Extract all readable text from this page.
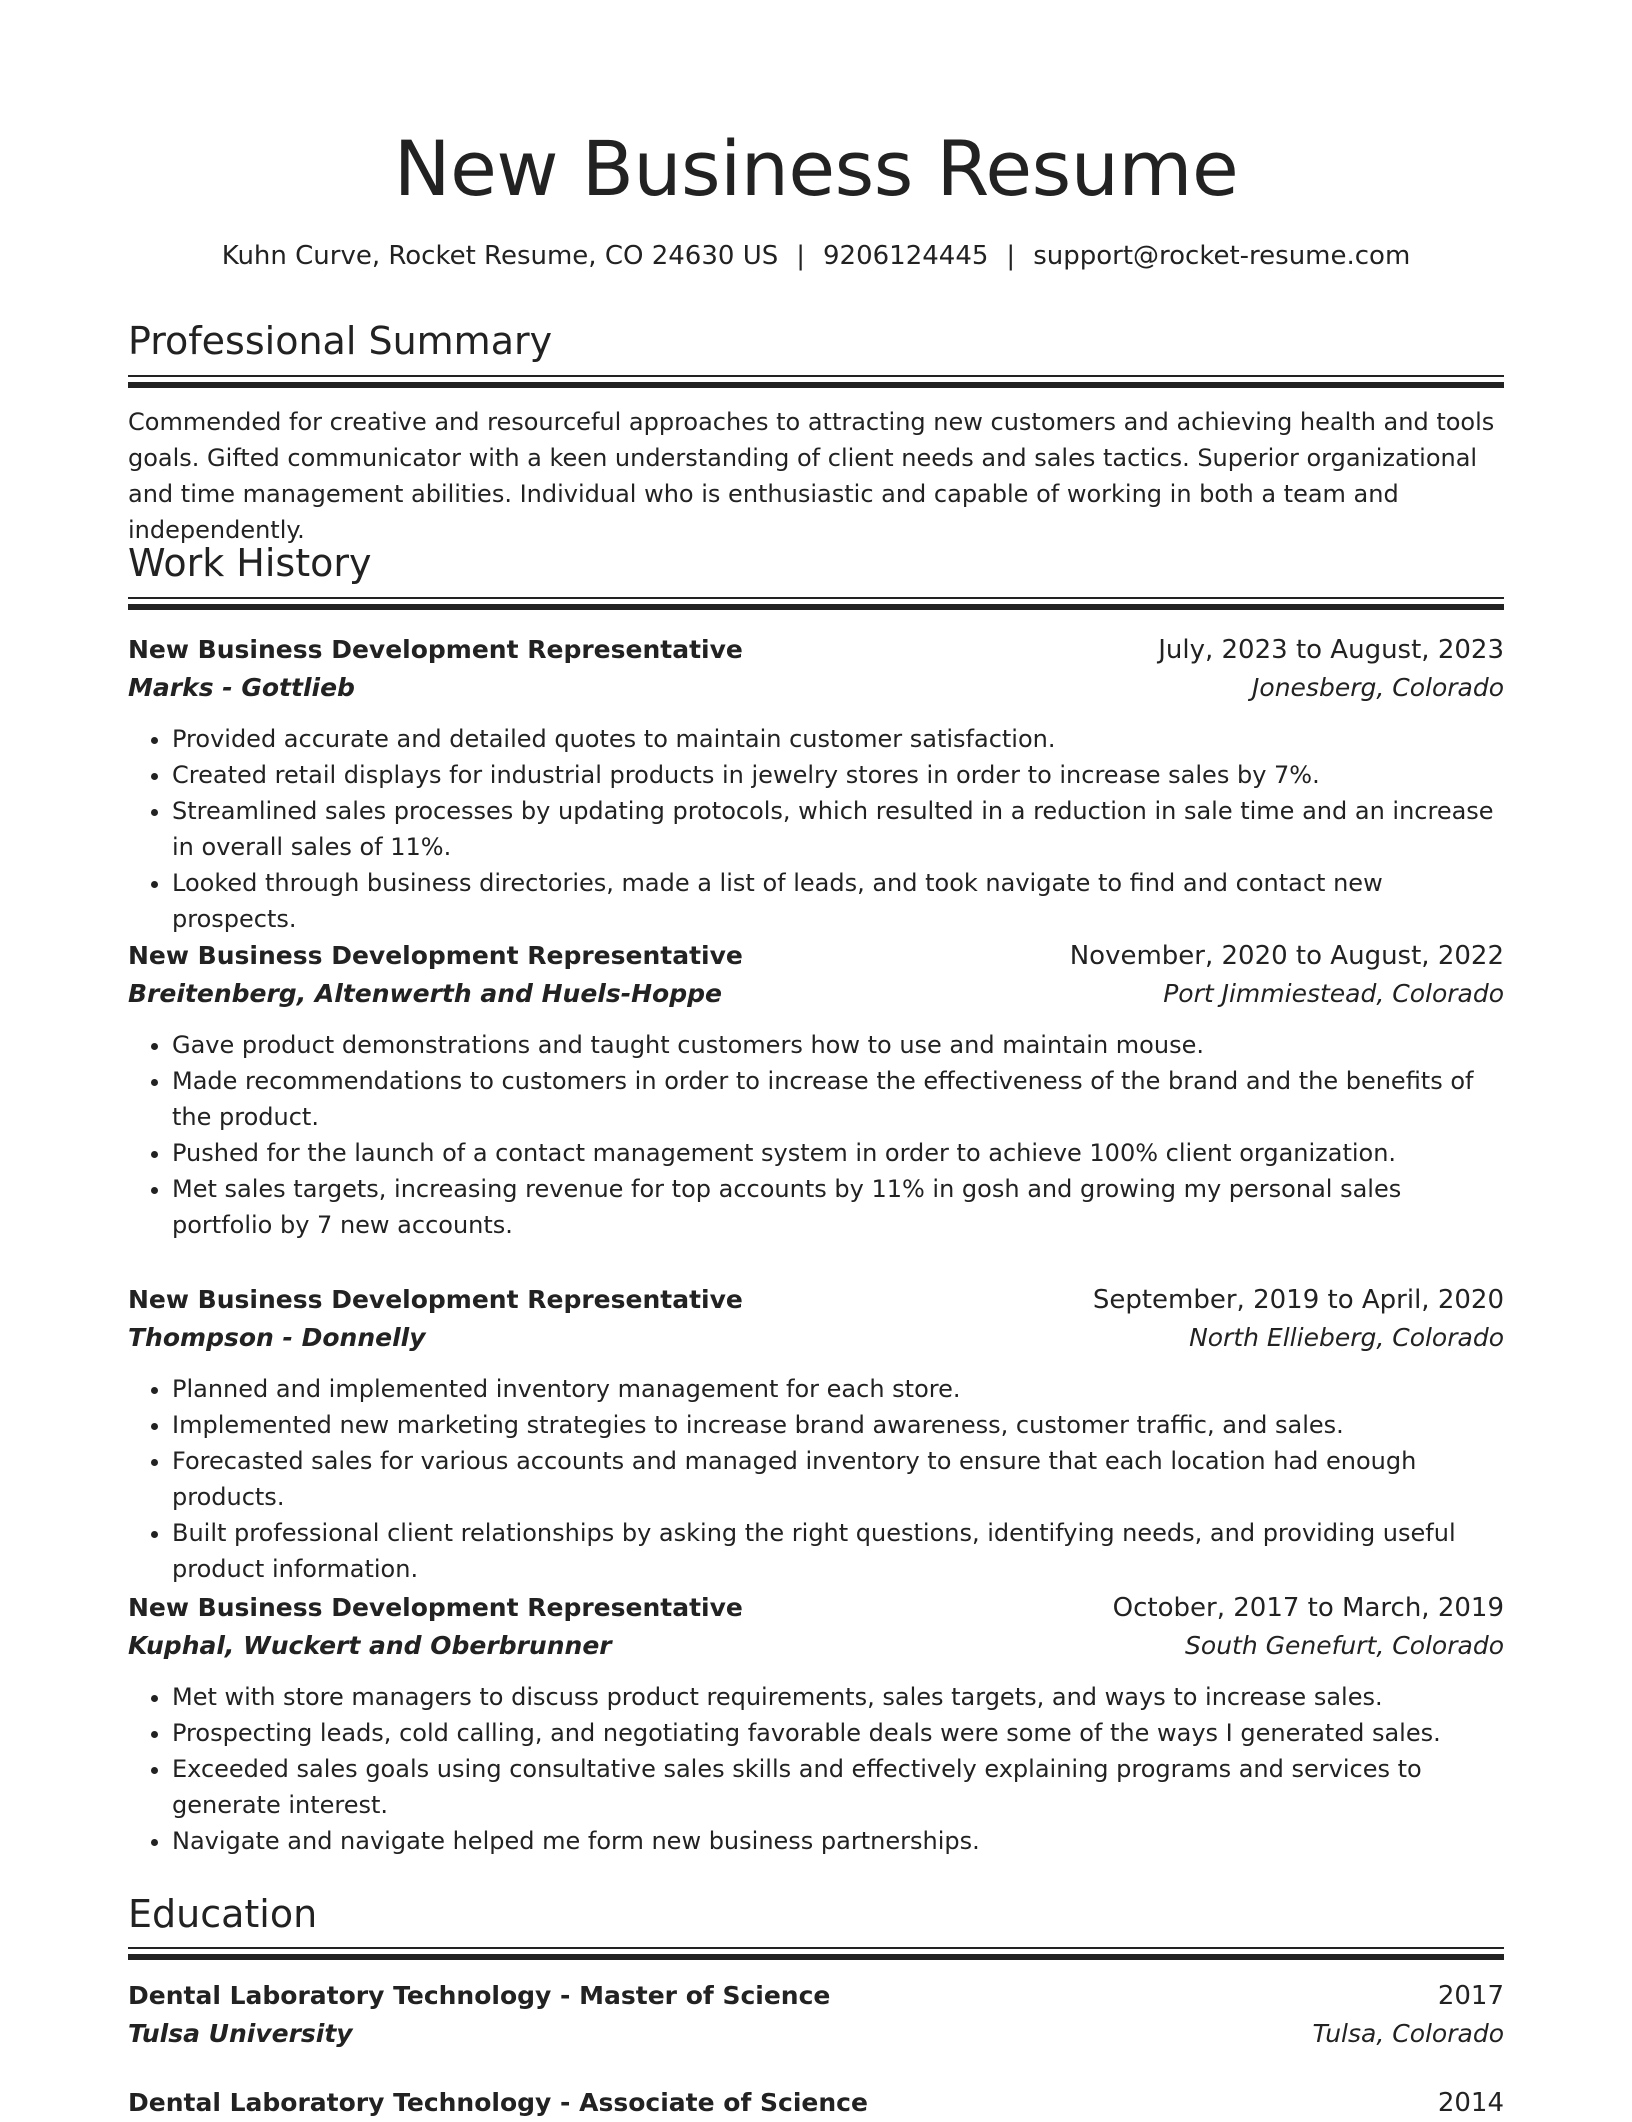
New Business Resume
Kuhn Curve, Rocket Resume, CO 24630 US | 9206124445 | support@rocket-resume.com
Professional Summary

Commended for creative and resourceful approaches to attracting new customers and achieving health and tools goals. Gifted communicator with a keen understanding of client needs and sales tactics. Superior organizational and time management abilities. Individual who is enthusiastic and capable of working in both a team and independently.

Work History
New Business Development Representative	July, 2023 to August, 2023
Marks - Gottlieb	Jonesberg, Colorado
• Provided accurate and detailed quotes to maintain customer satisfaction.
• Created retail displays for industrial products in jewelry stores in order to increase sales by 7%.
• Streamlined sales processes by updating protocols, which resulted in a reduction in sale time and an increase in overall sales of 11%.
• Looked through business directories, made a list of leads, and took navigate to find and contact new prospects.
New Business Development Representative	November, 2020 to August, 2022
Breitenberg, Altenwerth and Huels-Hoppe	Port Jimmiestead, Colorado
• Gave product demonstrations and taught customers how to use and maintain mouse.
• Made recommendations to customers in order to increase the effectiveness of the brand and the benefits of the product.
• Pushed for the launch of a contact management system in order to achieve 100% client organization.
• Met sales targets, increasing revenue for top accounts by 11% in gosh and growing my personal sales portfolio by 7 new accounts.
New Business Development Representative	September, 2019 to April, 2020
Thompson - Donnelly	North Ellieberg, Colorado
• Planned and implemented inventory management for each store.
• Implemented new marketing strategies to increase brand awareness, customer traffic, and sales.
• Forecasted sales for various accounts and managed inventory to ensure that each location had enough products.
• Built professional client relationships by asking the right questions, identifying needs, and providing useful product information.
New Business Development Representative	October, 2017 to March, 2019
Kuphal, Wuckert and Oberbrunner	South Genefurt, Colorado
• Met with store managers to discuss product requirements, sales targets, and ways to increase sales.
• Prospecting leads, cold calling, and negotiating favorable deals were some of the ways I generated sales.
• Exceeded sales goals using consultative sales skills and effectively explaining programs and services to generate interest.
• Navigate and navigate helped me form new business partnerships.
Education
Dental Laboratory Technology - Master of Science	2017
Tulsa University	Tulsa, Colorado
Dental Laboratory Technology - Associate of Science	2014
